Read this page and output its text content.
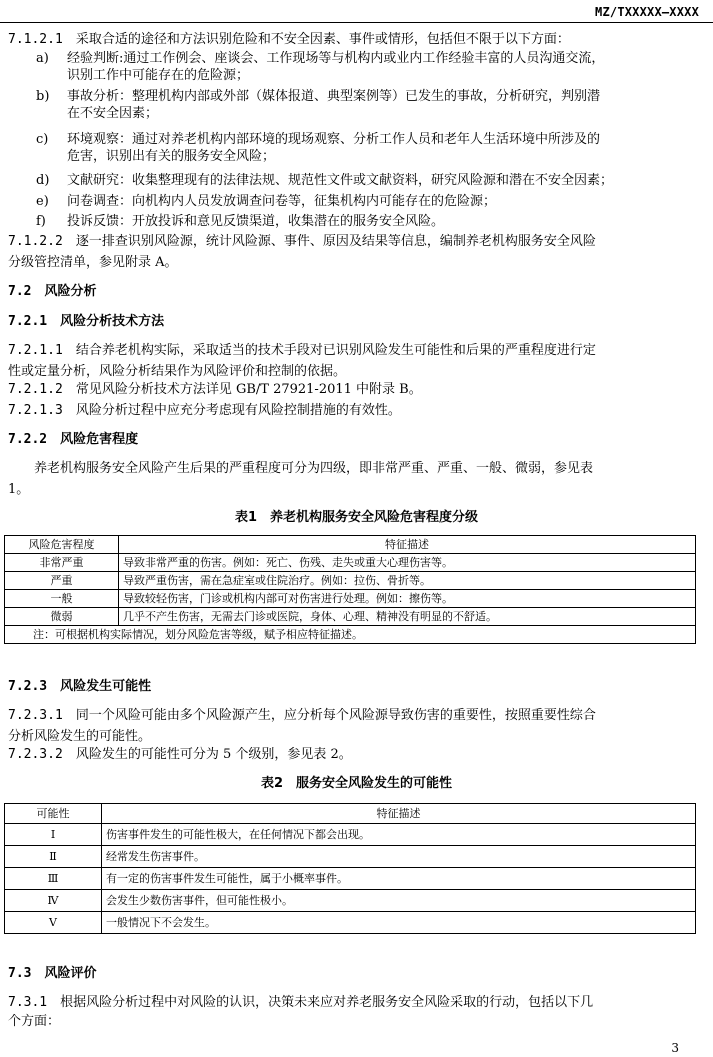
MZ/TXXXXX—XXXX

7.1.2.1　 采取合适的途径和方法识别危险和不安全因素、事件或情形，包括但不限于以下方面：

a) 经验判断:通过工作例会、座谈会、工作现场等与机构内或业内工作经验丰富的人员沟通交流，
识别工作中可能存在的危险源；
b) 事故分析：整理机构内部或外部（媒体报道、典型案例等）已发生的事故，分析研究，判别潜
在不安全因素；
c) 环境观察：通过对养老机构内部环境的现场观察、分析工作人员和老年人生活环境中所涉及的
危害，识别出有关的服务安全风险；
d) 文献研究：收集整理现有的法律法规、规范性文件或文献资料，研究风险源和潜在不安全因素；
e) 问卷调查：向机构内人员发放调查问卷等，征集机构内可能存在的危险源；
f) 投诉反馈：开放投诉和意见反馈渠道，收集潜在的服务安全风险。
7.1.2.2　 逐一排查识别风险源，统计风险源、事件、原因及结果等信息，编制养老机构服务安全风险
分级管控清单，参见附录 A。
7.2　 风险分析
7.2.1　 风险分析技术方法
7.2.1.1　 结合养老机构实际，采取适当的技术手段对已识别风险发生可能性和后果的严重程度进行定
性或定量分析，风险分析结果作为风险评价和控制的依据。
7.2.1.2　 常见风险分析技术方法详见 GB/T 27921-2011 中附录 B。
7.2.1.3　 风险分析过程中应充分考虑现有风险控制措施的有效性。
7.2.2　 风险危害程度
养老机构服务安全风险产生后果的严重程度可分为四级，即非常严重、严重、一般、微弱，参见表
1。
表1　养老机构服务安全风险危害程度分级
风险危害程度	特征描述
非常严重	导致非常严重的伤害。例如：死亡、伤残、走失或重大心理伤害等。
严重	导致严重伤害，需在急症室或住院治疗。例如：拉伤、骨折等。
一般	导致较轻伤害，门诊或机构内部可对伤害进行处理。例如：擦伤等。
微弱	几乎不产生伤害，无需去门诊或医院，身体、心理、精神没有明显的不舒适。
注：可根据机构实际情况，划分风险危害等级，赋予相应特征描述。	
7.2.3　 风险发生可能性
7.2.3.1　 同一个风险可能由多个风险源产生，应分析每个风险源导致伤害的重要性，按照重要性综合
分析风险发生的可能性。
7.2.3.2　 风险发生的可能性可分为 5 个级别，参见表 2。
表2　服务安全风险发生的可能性
可能性	特征描述
Ⅰ	伤害事件发生的可能性极大，在任何情况下都会出现。
Ⅱ	经常发生伤害事件。
Ⅲ	有一定的伤害事件发生可能性，属于小概率事件。
Ⅳ	会发生少数伤害事件，但可能性极小。
Ⅴ	一般情况下不会发生。
7.3　 风险评价
7.3.1　 根据风险分析过程中对风险的认识，决策未来应对养老服务安全风险采取的行动，包括以下几
个方面：
3
